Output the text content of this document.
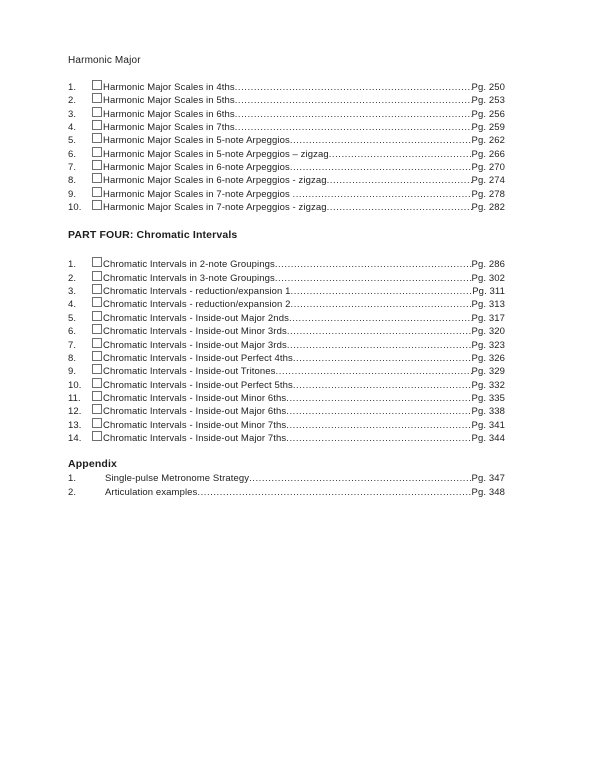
Harmonic Major
1.	Harmonic Major Scales in 4ths .....	Pg. 250
2.	Harmonic Major Scales in 5ths .....	Pg. 253
3.	Harmonic Major Scales in 6ths .....	Pg. 256
4.	Harmonic Major Scales in 7ths .....	Pg. 259
5.	Harmonic Major Scales in 5-note Arpeggios .....	Pg. 262
6.	Harmonic Major Scales in 5-note Arpeggios – zigzag .....	Pg. 266
7.	Harmonic Major Scales in 6-note Arpeggios .....	Pg. 270
8.	Harmonic Major Scales in 6-note Arpeggios - zigzag .....	Pg. 274
9.	Harmonic Major Scales in 7-note Arpeggios .....	Pg. 278
10.	Harmonic Major Scales in 7-note Arpeggios - zigzag .....	Pg. 282
PART FOUR: Chromatic Intervals
1.	Chromatic Intervals in 2-note Groupings .....	Pg. 286
2.	Chromatic Intervals in 3-note Groupings .....	Pg. 302
3.	Chromatic Intervals - reduction/expansion 1 .....	Pg. 311
4.	Chromatic Intervals - reduction/expansion 2 .....	Pg. 313
5.	Chromatic Intervals - Inside-out Major 2nds .....	Pg. 317
6.	Chromatic Intervals - Inside-out Minor 3rds .....	Pg. 320
7.	Chromatic Intervals - Inside-out Major 3rds .....	Pg. 323
8.	Chromatic Intervals - Inside-out Perfect 4ths .....	Pg. 326
9.	Chromatic Intervals - Inside-out Tritones .....	Pg. 329
10.	Chromatic Intervals - Inside-out Perfect 5ths .....	Pg. 332
11.	Chromatic Intervals - Inside-out Minor 6ths .....	Pg. 335
12.	Chromatic Intervals - Inside-out Major 6ths .....	Pg. 338
13.	Chromatic Intervals - Inside-out Minor 7ths .....	Pg. 341
14.	Chromatic Intervals - Inside-out Major 7ths .....	Pg. 344
Appendix
1.	Single-pulse Metronome Strategy .....	Pg. 347
2.	Articulation examples .....	Pg. 348
